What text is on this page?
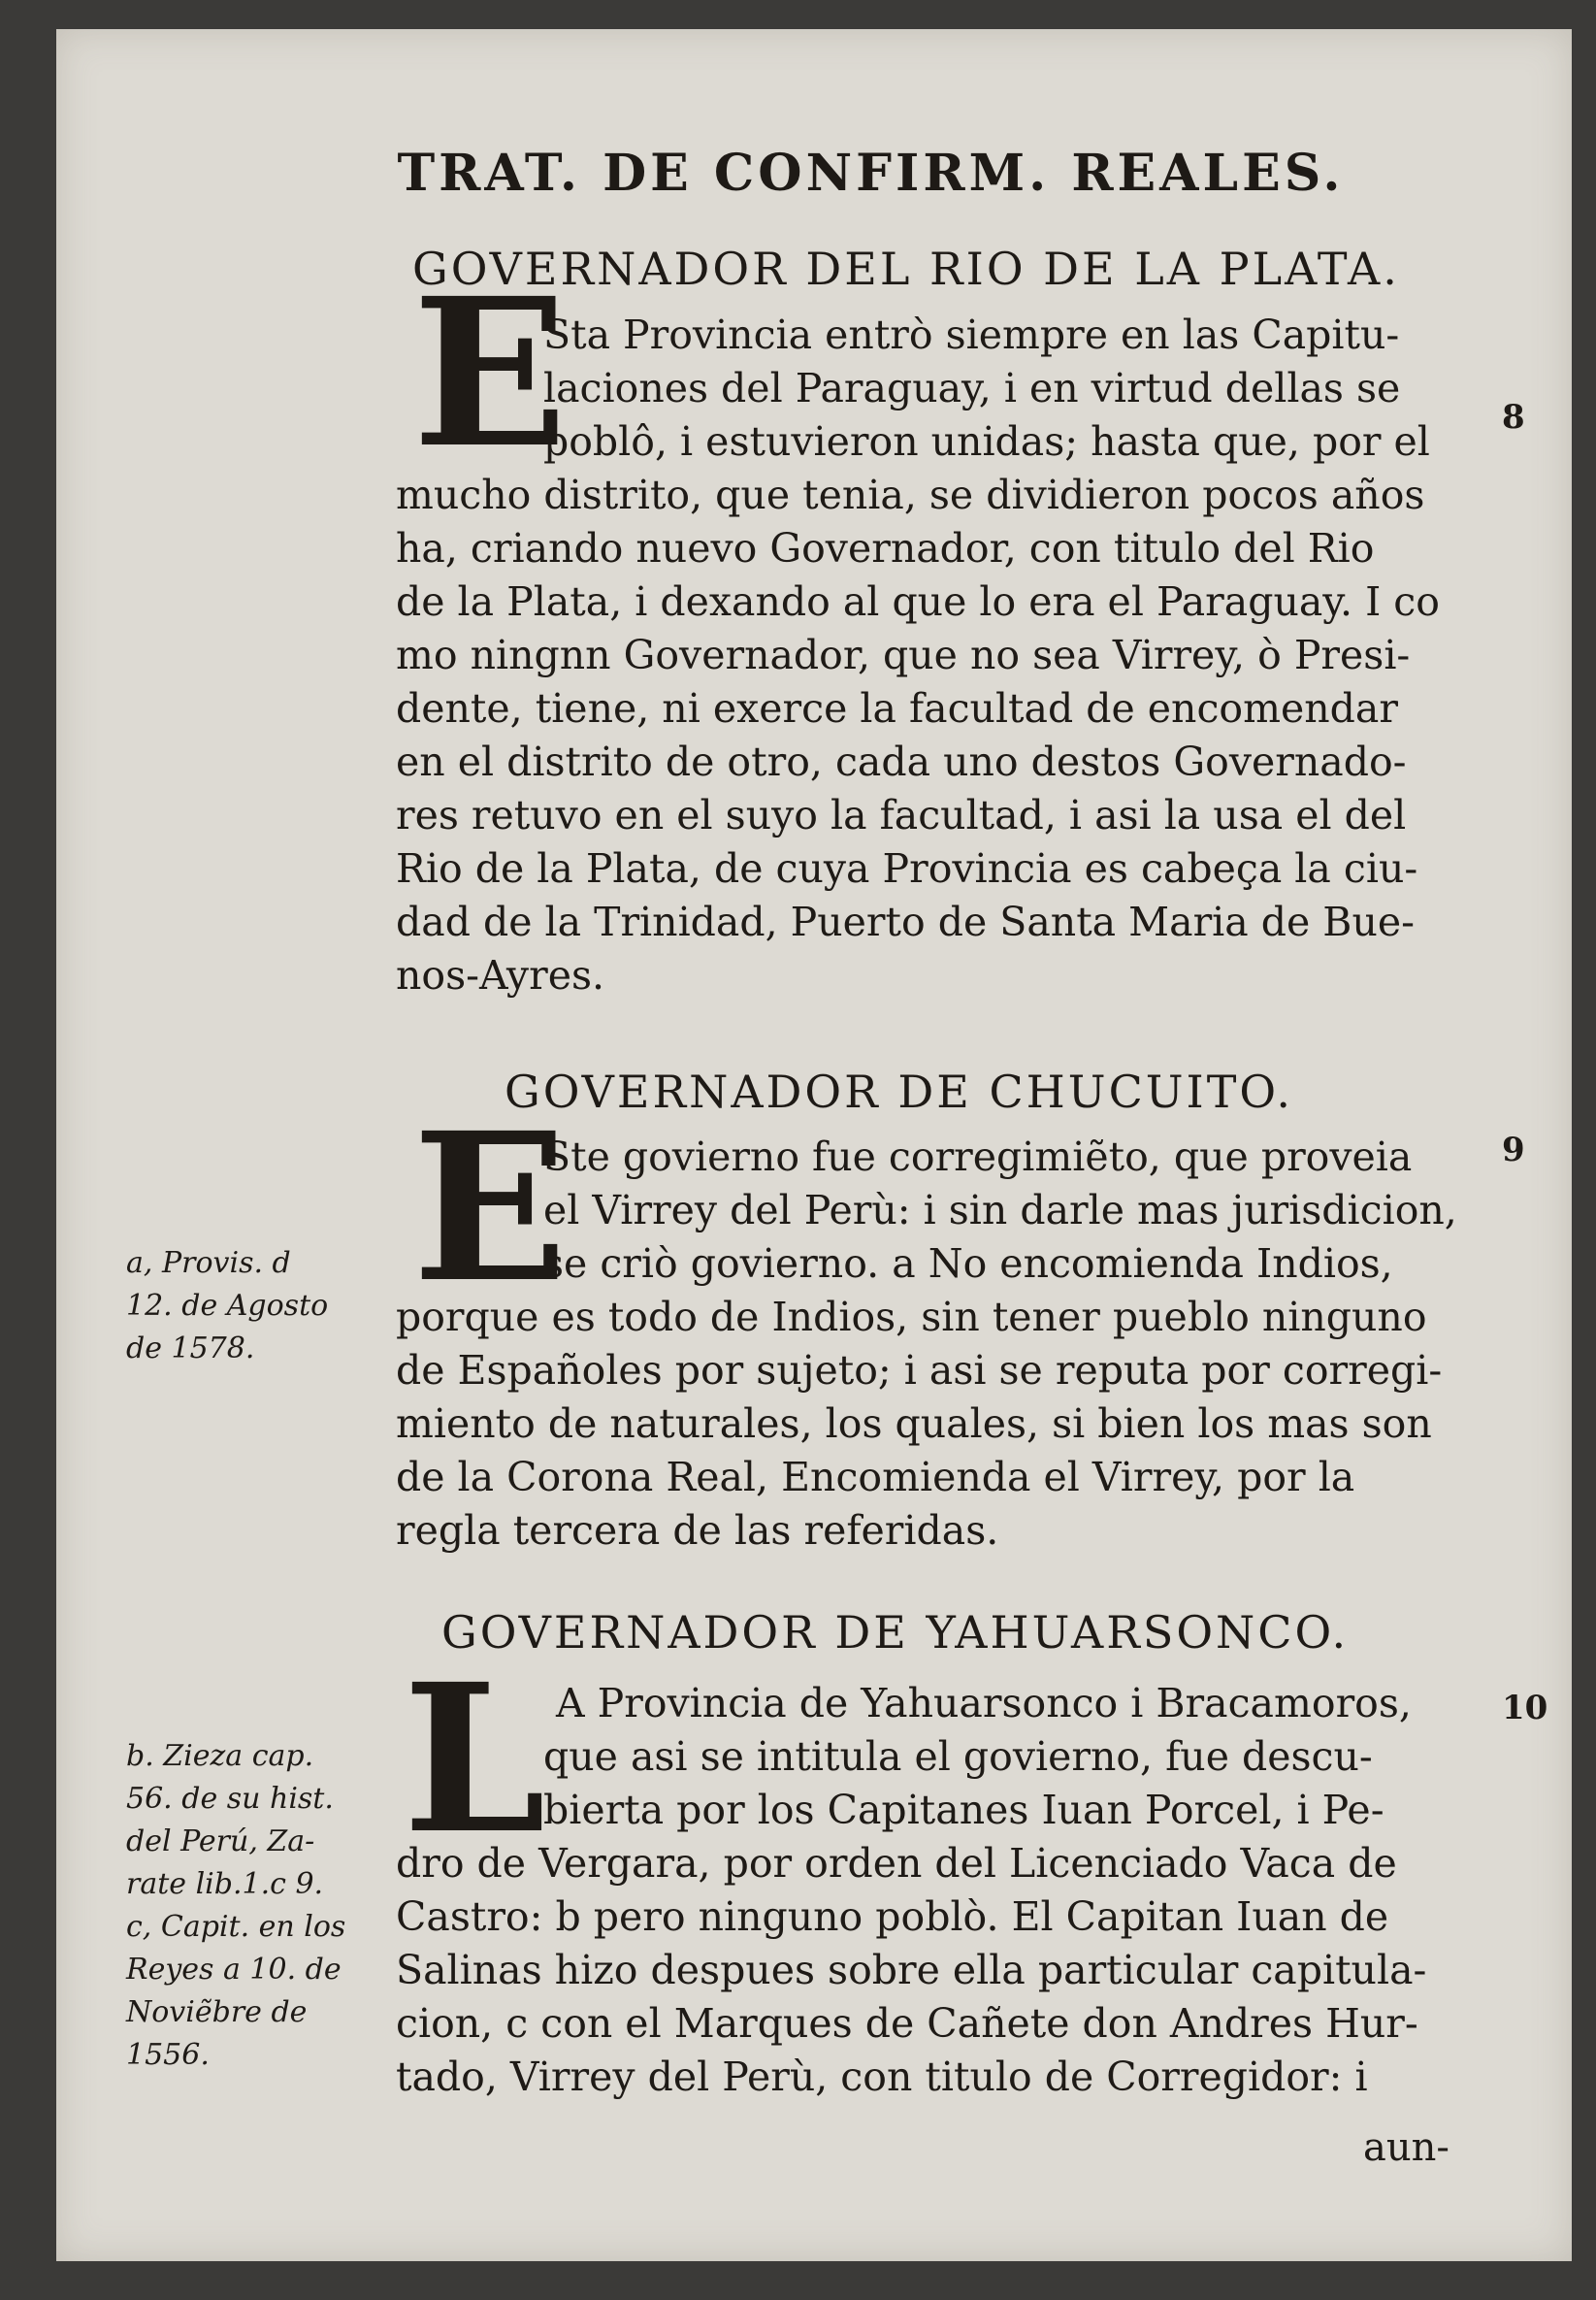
TRAT. DE CONFIRM. REALES.
GOVERNADOR DEL RIO DE LA PLATA.
E
Sta Provincia entrò siempre en las Capitu-
laciones del Paraguay, i en virtud dellas se
poblô, i estuvieron unidas; hasta que, por el
mucho distrito, que tenia, se dividieron pocos años
ha, criando nuevo Governador, con titulo del Rio
de la Plata, i dexando al que lo era el Paraguay. I co
mo ningnn Governador, que no sea Virrey, ò Presi-
dente, tiene, ni exerce la facultad de encomendar
en el distrito de otro, cada uno destos Governado-
res retuvo en el suyo la facultad, i asi la usa el del
Rio de la Plata, de cuya Provincia es cabeça la ciu-
dad de la Trinidad, Puerto de Santa Maria de Bue-
nos-Ayres.
8
GOVERNADOR DE CHUCUITO.
E
Ste govierno fue corregimiẽto, que proveia
el Virrey del Perù: i sin darle mas jurisdicion,
se criò govierno. a No encomienda Indios,
porque es todo de Indios, sin tener pueblo ninguno
de Españoles por sujeto; i asi se reputa por corregi-
miento de naturales, los quales, si bien los mas son
de la Corona Real, Encomienda el Virrey, por la
regla tercera de las referidas.
9
a, Provis. d
12. de Agosto
de 1578.
GOVERNADOR DE YAHUARSONCO.
L A Provincia de Yahuarsonco i Bracamoros,
que asi se intitula el govierno, fue descu-
bierta por los Capitanes Iuan Porcel, i Pe-
dro de Vergara, por orden del Licenciado Vaca de
Castro: b pero ninguno poblò. El Capitan Iuan de
Salinas hizo despues sobre ella particular capitula-
cion, c con el Marques de Cañete don Andres Hur-
tado, Virrey del Perù, con titulo de Corregidor: i
10
b. Zieza cap.
56. de su hist.
del Perú, Za-
rate lib.1.c 9.
c, Capit. en los
Reyes a 10. de
Noviẽbre de
1556.
aun-
